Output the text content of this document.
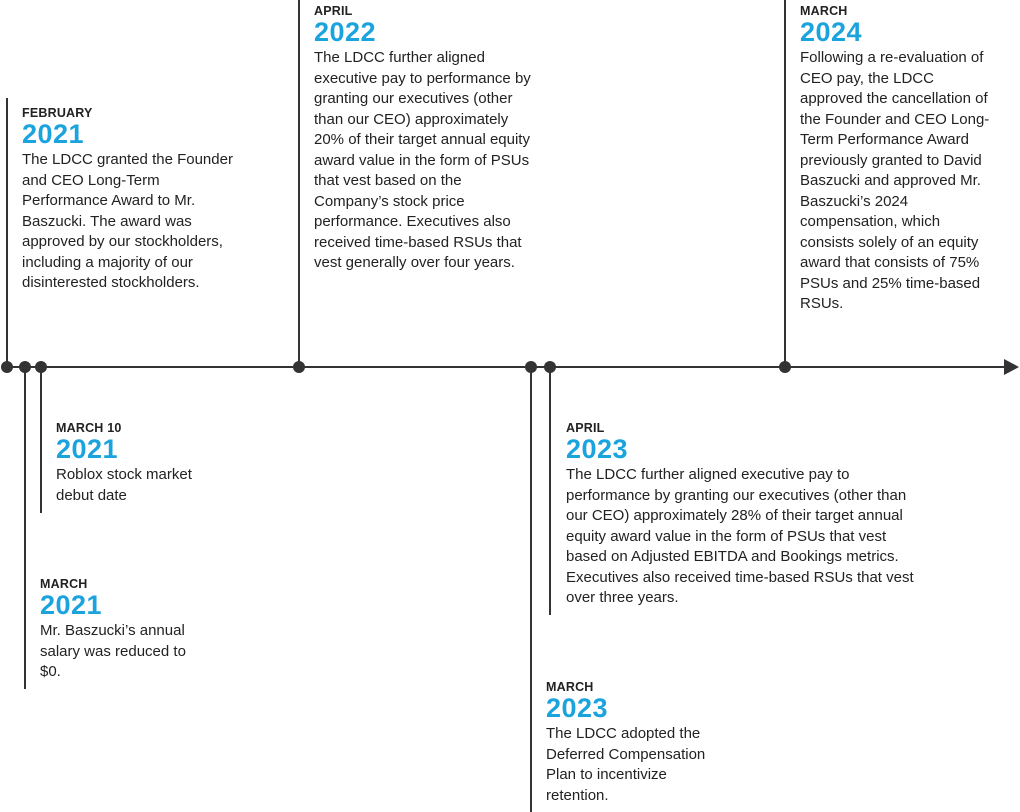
FEBRUARY

2021

The LDCC granted the Founder and CEO Long-Term Performance Award to Mr. Baszucki. The award was approved by our stockholders, including a majority of our disinterested stockholders.

MARCH 10

2021

Roblox stock market debut date

MARCH

2021

Mr. Baszucki’s annual salary was reduced to $0.

APRIL

2022

The LDCC further aligned executive pay to performance by granting our executives (other than our CEO) approximately 20% of their target annual equity award value in the form of PSUs that vest based on the Company’s stock price performance. Executives also received time-based RSUs that vest generally over four years.

APRIL

2023

The LDCC further aligned executive pay to performance by granting our executives (other than our CEO) approximately 28% of their target annual equity award value in the form of PSUs that vest based on Adjusted EBITDA and Bookings metrics. Executives also received time-based RSUs that vest over three years.

MARCH

2023

The LDCC adopted the Deferred Compensation Plan to incentivize retention.

MARCH

2024

Following a re-evaluation of CEO pay, the LDCC approved the cancellation of the Founder and CEO Long-Term Performance Award previously granted to David Baszucki and approved Mr. Baszucki’s 2024 compensation, which consists solely of an equity award that consists of 75% PSUs and 25% time-based RSUs.
